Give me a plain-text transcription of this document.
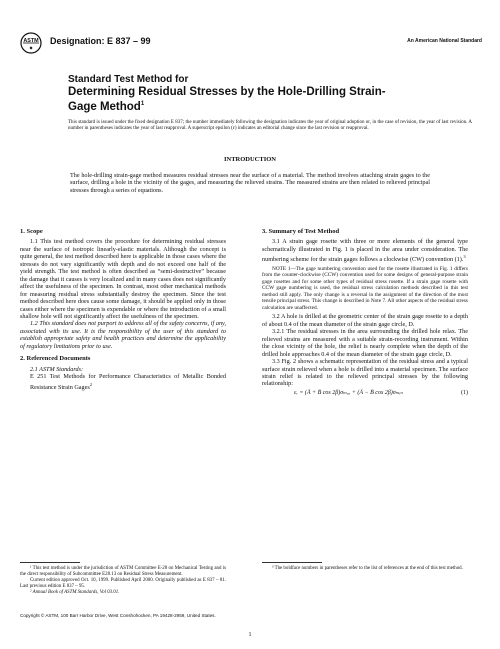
ASTM
◆
Designation: E 837 – 99	An American National Standard
Standard Test Method for
Determining Residual Stresses by the Hole-Drilling Strain-
Gage Method$^1$
This standard is issued under the fixed designation E 837; the number immediately following the designation indicates the year of original adoption or, in the case of revision, the year of last revision. A number in parentheses indicates the year of last reapproval. A superscript epsilon (ε) indicates an editorial change since the last revision or reapproval.
INTRODUCTION
The hole-drilling strain-gage method measures residual stresses near the surface of a material. The method involves attaching strain gages to the surface, drilling a hole in the vicinity of the gages, and measuring the relieved strains. The measured strains are then related to relieved principal stresses through a series of equations.
1. Scope

1.1 This test method covers the procedure for determining residual stresses near the surface of isotropic linearly-elastic materials. Although the concept is quite general, the test method described here is applicable in those cases where the stresses do not vary significantly with depth and do not exceed one half of the yield strength. The test method is often described as “semi-destructive” because the damage that it causes is very localized and in many cases does not significantly affect the usefulness of the specimen. In contrast, most other mechanical methods for measuring residual stress substantially destroy the specimen. Since the test method described here does cause some damage, it should be applied only in those cases either where the specimen is expendable or where the introduction of a small shallow hole will not significantly affect the usefulness of the specimen.

1.2 This standard does not purport to address all of the safety concerns, if any, associated with its use. It is the responsibility of the user of this standard to establish appropriate safety and health practices and determine the applicability of regulatory limitations prior to use.

2. Referenced Documents

2.1 ASTM Standards:

E 251 Test Methods for Performance Characteristics of Metallic Bonded Resistance Strain Gages$^2$

3. Summary of Test Method

3.1 A strain gage rosette with three or more elements of the general type schematically illustrated in Fig. 1 is placed in the area under consideration. The numbering scheme for the strain gages follows a clockwise (CW) convention (1).$^3$

NOTE 1—The gage numbering convention used for the rosette illustrated in Fig. 1 differs from the counter-clockwise (CCW) convention used for some designs of general-purpose strain gage rosettes and for some other types of residual stress rosette. If a strain gage rosette with CCW gage numbering is used, the residual stress calculation methods described in this test method still apply. The only change is a reversal in the assignment of the direction of the most tensile principal stress. This change is described in Note 7. All other aspects of the residual stress calculation are unaffected.

3.2 A hole is drilled at the geometric center of the strain gage rosette to a depth of about 0.4 of the mean diameter of the strain gage circle, D.

3.2.1 The residual stresses in the area surrounding the drilled hole relax. The relieved strains are measured with a suitable strain-recording instrument. Within the close vicinity of the hole, the relief is nearly complete when the depth of the drilled hole approaches 0.4 of the mean diameter of the strain gage circle, D.

3.3 Fig. 2 shows a schematic representation of the residual stress and a typical surface strain relieved when a hole is drilled into a material specimen. The surface strain relief is related to the relieved principal stresses by the following relationship:

εᵣ = (Ā + B̄ cos 2β)σₘₐₓ + (Ā − B̄ cos 2β)σₘᵢₙ	(1)

¹ This test method is under the jurisdiction of ASTM Committee E-28 on Mechanical Testing and is the direct responsibility of Subcommittee E28.13 on Residual Stress Measurement.

Current edition approved Oct. 10, 1999. Published April 2000. Originally published as E 837 – 81. Last previous edition E 837 – 95.

² Annual Book of ASTM Standards, Vol 03.01.

³ The boldface numbers in parentheses refer to the list of references at the end of this test method.

Copyright © ASTM, 100 Barr Harbor Drive, West Conshohocken, PA 19428-2959, United States.
1
